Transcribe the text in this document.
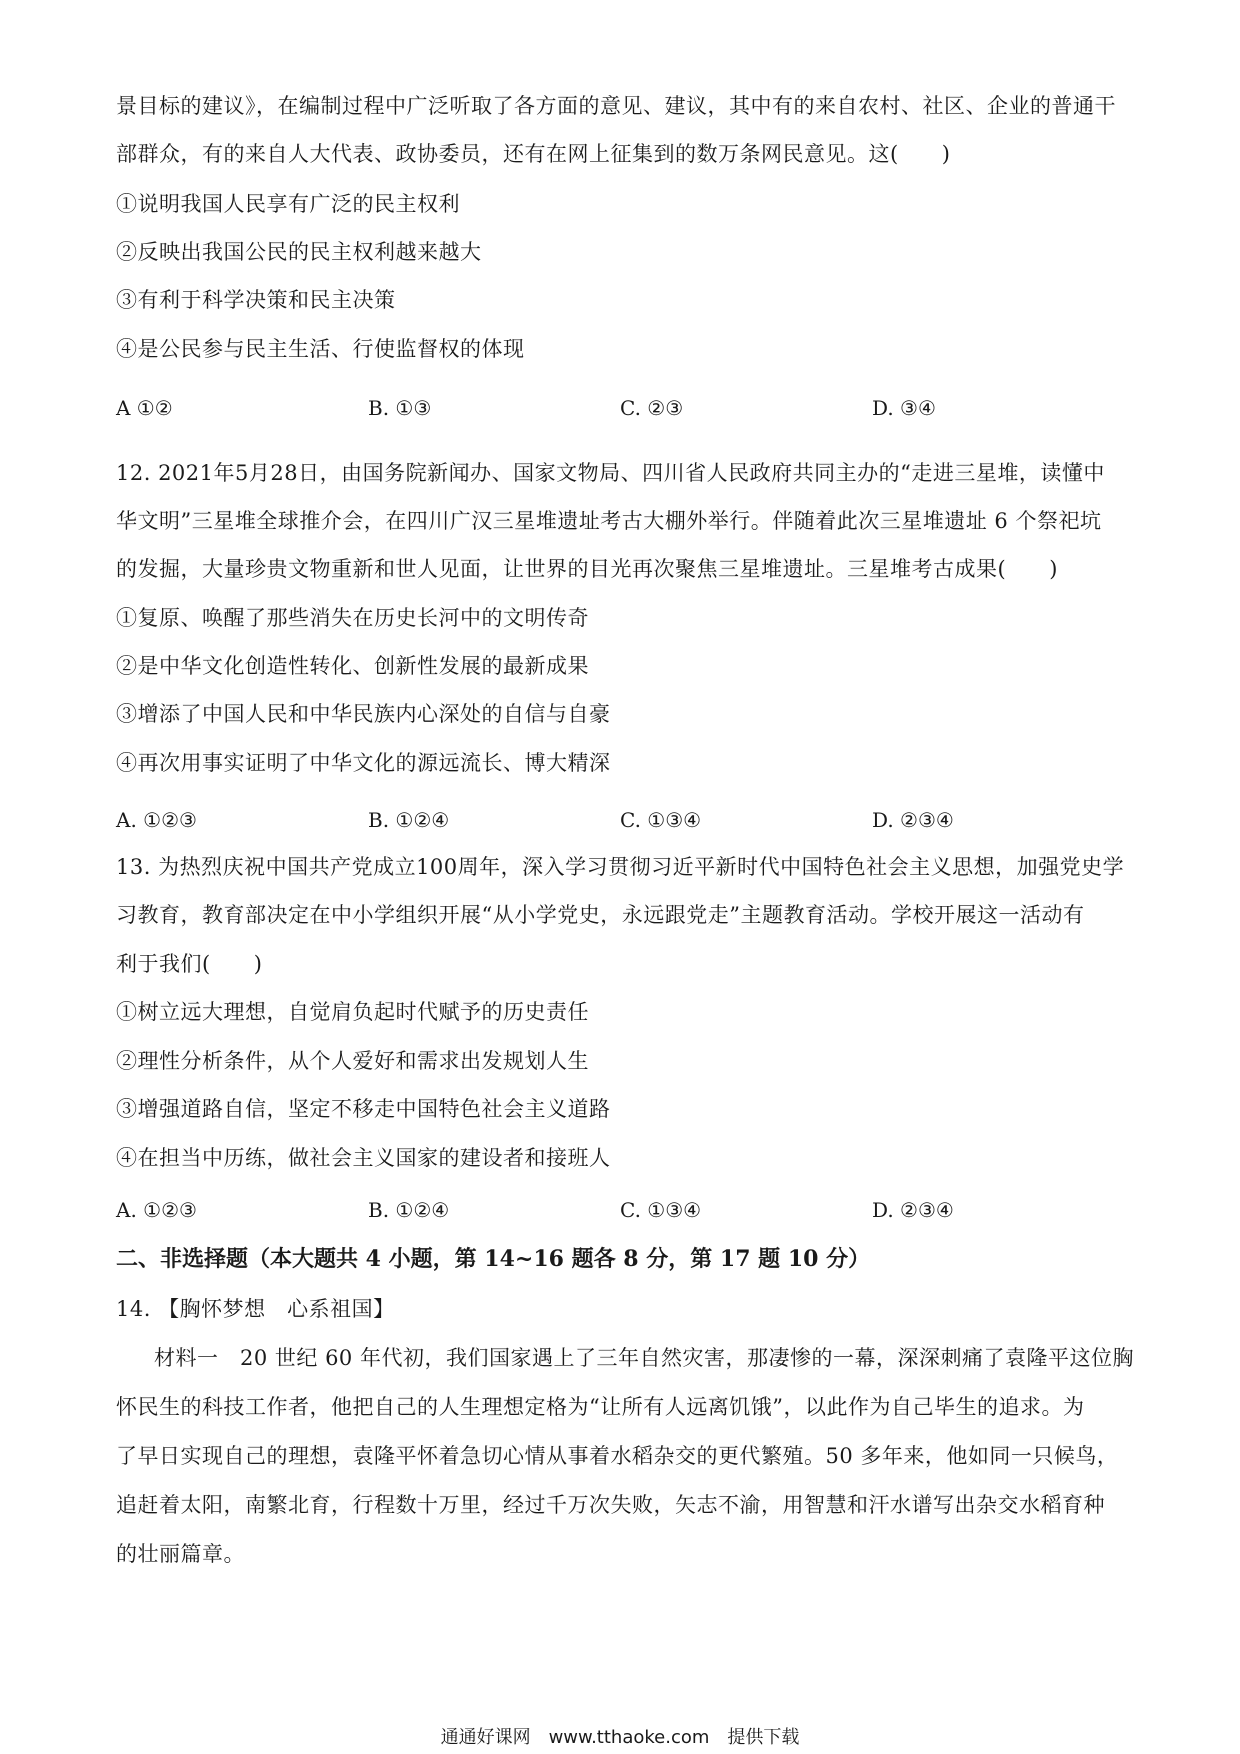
景目标的建议》，在编制过程中广泛听取了各方面的意见、建议，其中有的来自农村、社区、企业的普通干
部群众，有的来自人大代表、政协委员，还有在网上征集到的数万条网民意见。这(　　)
①说明我国人民享有广泛的民主权利
②反映出我国公民的民主权利越来越大
③有利于科学决策和民主决策
④是公民参与民主生活、行使监督权的体现
A ①②	B. ①③	C. ②③	D. ③④
12. 2021年5月28日，由国务院新闻办、国家文物局、四川省人民政府共同主办的“走进三星堆，读懂中
华文明”三星堆全球推介会，在四川广汉三星堆遗址考古大棚外举行。伴随着此次三星堆遗址 6 个祭祀坑
的发掘，大量珍贵文物重新和世人见面，让世界的目光再次聚焦三星堆遗址。三星堆考古成果(　　)
①复原、唤醒了那些消失在历史长河中的文明传奇
②是中华文化创造性转化、创新性发展的最新成果
③增添了中国人民和中华民族内心深处的自信与自豪
④再次用事实证明了中华文化的源远流长、博大精深
A. ①②③	B. ①②④	C. ①③④	D. ②③④
13. 为热烈庆祝中国共产党成立100周年，深入学习贯彻习近平新时代中国特色社会主义思想，加强党史学
习教育，教育部决定在中小学组织开展“从小学党史，永远跟党走”主题教育活动。学校开展这一活动有
利于我们(　　)
①树立远大理想，自觉肩负起时代赋予的历史责任
②理性分析条件，从个人爱好和需求出发规划人生
③增强道路自信，坚定不移走中国特色社会主义道路
④在担当中历练，做社会主义国家的建设者和接班人
A. ①②③	B. ①②④	C. ①③④	D. ②③④
二、非选择题（本大题共 4 小题，第 14~16 题各 8 分，第 17 题 10 分）
14. 【胸怀梦想　心系祖国】
材料一　20 世纪 60 年代初，我们国家遇上了三年自然灾害，那凄惨的一幕，深深刺痛了袁隆平这位胸
怀民生的科技工作者，他把自己的人生理想定格为“让所有人远离饥饿”，以此作为自己毕生的追求。为
了早日实现自己的理想，袁隆平怀着急切心情从事着水稻杂交的更代繁殖。50 多年来，他如同一只候鸟，
追赶着太阳，南繁北育，行程数十万里，经过千万次失败，矢志不渝，用智慧和汗水谱写出杂交水稻育种
的壮丽篇章。
通通好课网　www.tthaoke.com　提供下载
